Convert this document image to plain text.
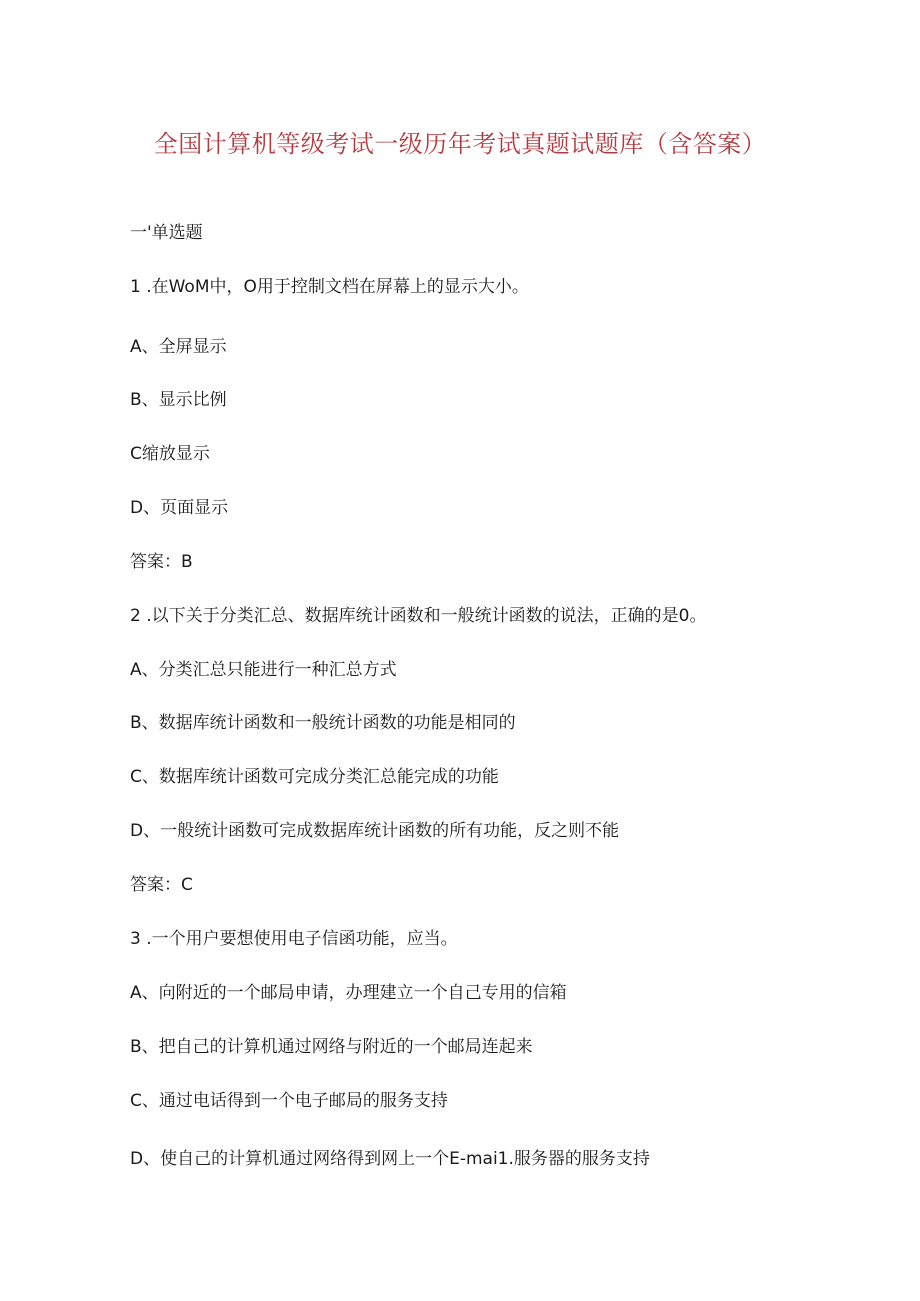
全国计算机等级考试一级历年考试真题试题库（含答案）
一'单选题
1 .在WoM中，O用于控制文档在屏幕上的显示大小。
A、全屏显示
B、显示比例
C缩放显示
D、页面显示
答案：B
2 .以下关于分类汇总、数据库统计函数和一般统计函数的说法，正确的是0。
A、分类汇总只能进行一种汇总方式
B、数据库统计函数和一般统计函数的功能是相同的
C、数据库统计函数可完成分类汇总能完成的功能
D、一般统计函数可完成数据库统计函数的所有功能，反之则不能
答案：C
3 .一个用户要想使用电子信函功能，应当。
A、向附近的一个邮局申请，办理建立一个自己专用的信箱
B、把自己的计算机通过网络与附近的一个邮局连起来
C、通过电话得到一个电子邮局的服务支持
D、使自己的计算机通过网络得到网上一个E-mai1.服务器的服务支持
